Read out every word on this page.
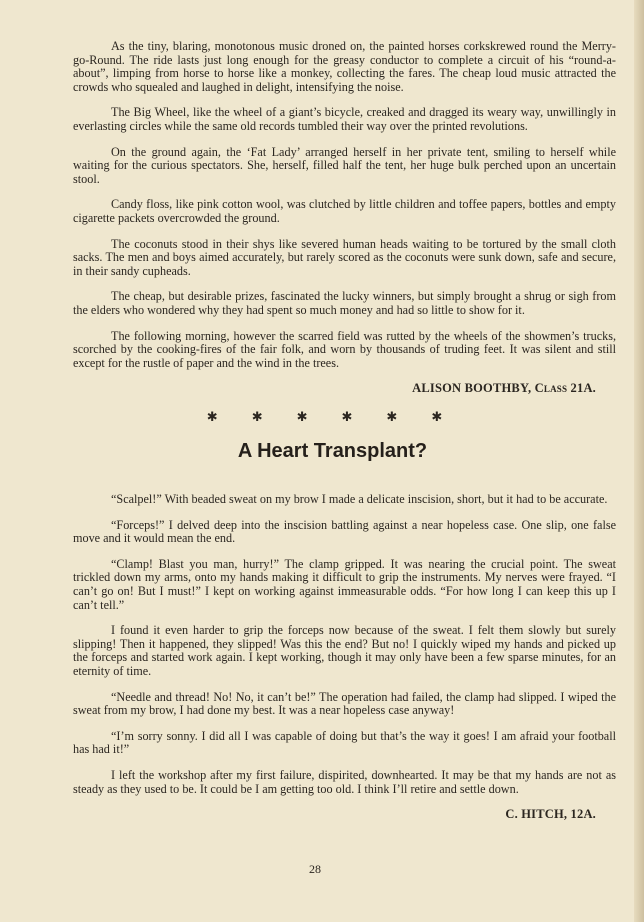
As the tiny, blaring, monotonous music droned on, the painted horses corkskrewed round the Merry-go-Round. The ride lasts just long enough for the greasy conductor to complete a circuit of his “round-a-about”, limping from horse to horse like a monkey, collecting the fares. The cheap loud music attracted the crowds who squealed and laughed in delight, intensifying the noise.

The Big Wheel, like the wheel of a giant’s bicycle, creaked and dragged its weary way, unwillingly in everlasting circles while the same old records tumbled their way over the printed revolutions.

On the ground again, the ‘Fat Lady’ arranged herself in her private tent, smiling to herself while waiting for the curious spectators. She, herself, filled half the tent, her huge bulk perched upon an uncertain stool.

Candy floss, like pink cotton wool, was clutched by little children and toffee papers, bottles and empty cigarette packets overcrowded the ground.

The coconuts stood in their shys like severed human heads waiting to be tortured by the small cloth sacks. The men and boys aimed accurately, but rarely scored as the coconuts were sunk down, safe and secure, in their sandy cupheads.

The cheap, but desirable prizes, fascinated the lucky winners, but simply brought a shrug or sigh from the elders who wondered why they had spent so much money and had so little to show for it.

The following morning, however the scarred field was rutted by the wheels of the showmen’s trucks, scorched by the cooking-fires of the fair folk, and worn by thousands of truding feet. It was silent and still except for the rustle of paper and the wind in the trees.

ALISON BOOTHBY, Class 21A.
✱	✱	✱	✱	✱	✱
A Heart Transplant?

“Scalpel!” With beaded sweat on my brow I made a delicate inscision, short, but it had to be accurate.

“Forceps!” I delved deep into the inscision battling against a near hopeless case. One slip, one false move and it would mean the end.

“Clamp! Blast you man, hurry!” The clamp gripped. It was nearing the crucial point. The sweat trickled down my arms, onto my hands making it difficult to grip the instruments. My nerves were frayed. “I can’t go on! But I must!” I kept on working against immeasurable odds. “For how long I can keep this up I can’t tell.”

I found it even harder to grip the forceps now because of the sweat. I felt them slowly but surely slipping! Then it happened, they slipped! Was this the end? But no! I quickly wiped my hands and picked up the forceps and started work again. I kept working, though it may only have been a few sparse minutes, for an eternity of time.

“Needle and thread! No! No, it can’t be!” The operation had failed, the clamp had slipped. I wiped the sweat from my brow, I had done my best. It was a near hopeless case anyway!

“I’m sorry sonny. I did all I was capable of doing but that’s the way it goes! I am afraid your football has had it!”

I left the workshop after my first failure, dispirited, downhearted. It may be that my hands are not as steady as they used to be. It could be I am getting too old. I think I’ll retire and settle down.

C. HITCH, 12A.
28
